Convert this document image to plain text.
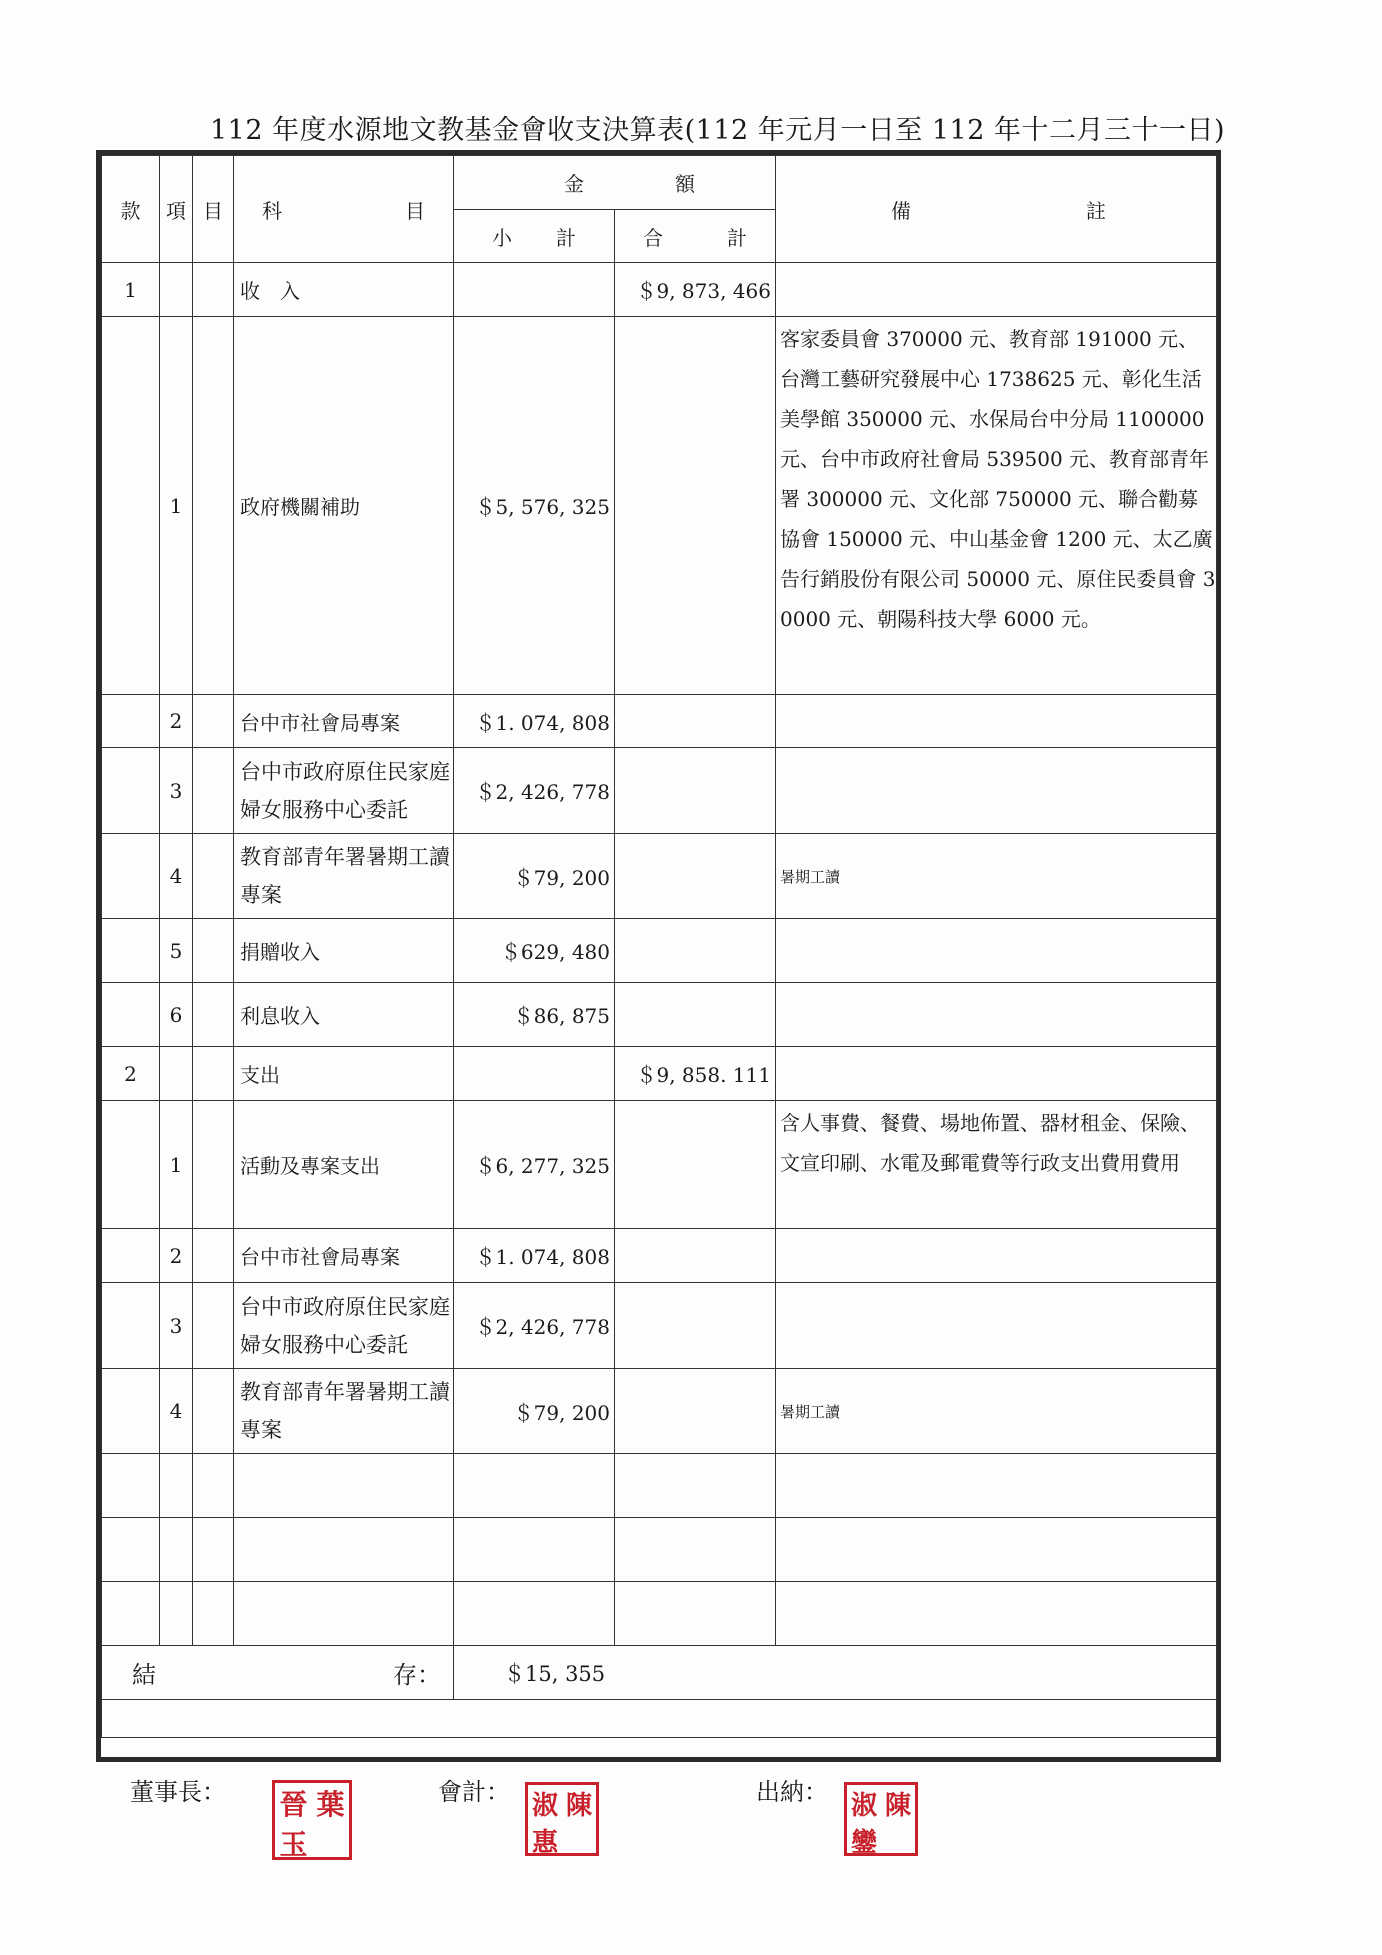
112 年度水源地文教基金會收支決算表(112 年元月一日至 112 年十二月三十一日)
款	項	目	科 目	金 額		備 註

				小 計	合 計	

1			收　入		＄9, 873, 466	
	1		政府機關補助	＄5, 576, 325		客家委員會 370000 元、教育部 191000 元、台灣工藝研究發展中心 1738625 元、彰化生活美學館 350000 元、水保局台中分局 1100000 元、台中市政府社會局 539500 元、教育部青年署 300000 元、文化部 750000 元、聯合勸募協會 150000 元、中山基金會 1200 元、太乙廣告行銷股份有限公司 50000 元、原住民委員會 30000 元、朝陽科技大學 6000 元。
	2		台中市社會局專案	＄1. 074, 808		
	3		台中市政府原住民家庭婦女服務中心委託	＄2, 426, 778		
	4		教育部青年署暑期工讀專案	＄79, 200		暑期工讀
	5		捐贈收入	＄629, 480		
	6		利息收入	＄86, 875		
2			支出		＄9, 858. 111	
	1		活動及專案支出	＄6, 277, 325		含人事費、餐費、場地佈置、器材租金、保險、文宣印刷、水電及郵電費等行政支出費用費用
	2		台中市社會局專案	＄1. 074, 808		
	3		台中市政府原住民家庭婦女服務中心委託	＄2, 426, 778		
	4		教育部青年署暑期工讀專案	＄79, 200		暑期工讀

結 存：				＄15, 355		

董事長： 晉 葉
玉
會計： 淑 陳
惠
出納： 淑 陳
鑾
